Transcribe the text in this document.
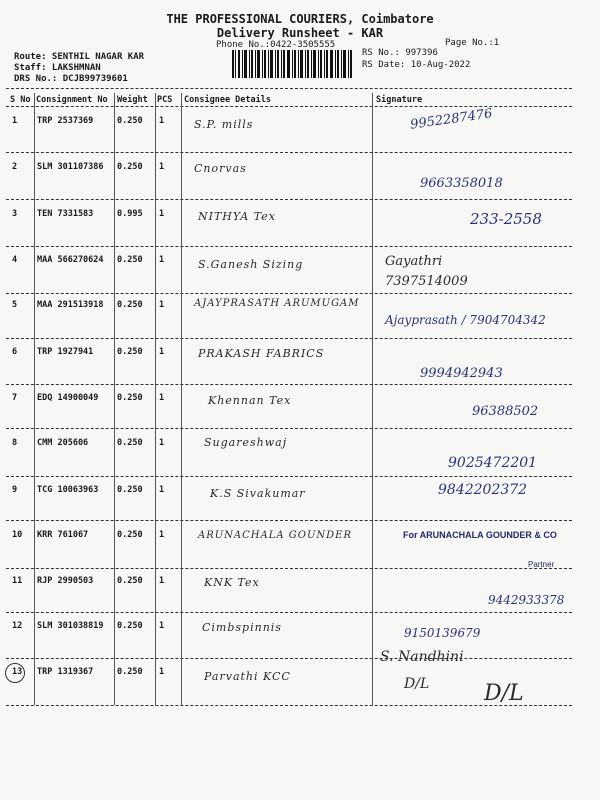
THE PROFESSIONAL COURIERS, Coimbatore
Delivery Runsheet - KAR
Phone No.:0422-3505555	Page No.:1
Route: SENTHIL NAGAR KAR
Staff: LAKSHMNAN
DRS No.: DCJB99739601
RS No.: 997396
RS Date: 10-Aug-2022
S No Consignment No Weight PCS Consignee Details	Signature
1 TRP 2537369	0.250 1	S.P. mills	9952287476
2 SLM 301107386 0.250 1	Cnorvas
9663358018
3 TEN 7331583	0.995 1	NITHYA Tex	233-2558
4 MAA 566270624 0.250 1	S.Ganesh Sizing	Gayathri 7397514009
5 MAA 291513918 0.250 1	AJAYPRASATH ARUMUGAM
Ajayprasath / 7904704342
6 TRP 1927941	0.250 1	PRAKASH FABRICS
9994942943
7 EDQ 14900049 0.250 1	Khennan Tex
96388502
8 CMM 205606	0.250 1	Sugareshwaj
9025472201
9 TCG 10063963 0.250 1	K.S Sivakumar	9842202372
10 KRR 761067	0.250 1	ARUNACHALA GOUNDER	For ARUNACHALA GOUNDER & CO
Partner
11 RJP 2990503	0.250 1	KNK Tex
9442933378
12 SLM 301038819 0.250 1	Cimbspinnis	9150139679
13 TRP 1319367	0.250 1	Parvathi KCC
S. Nandhini
D/L D/L
